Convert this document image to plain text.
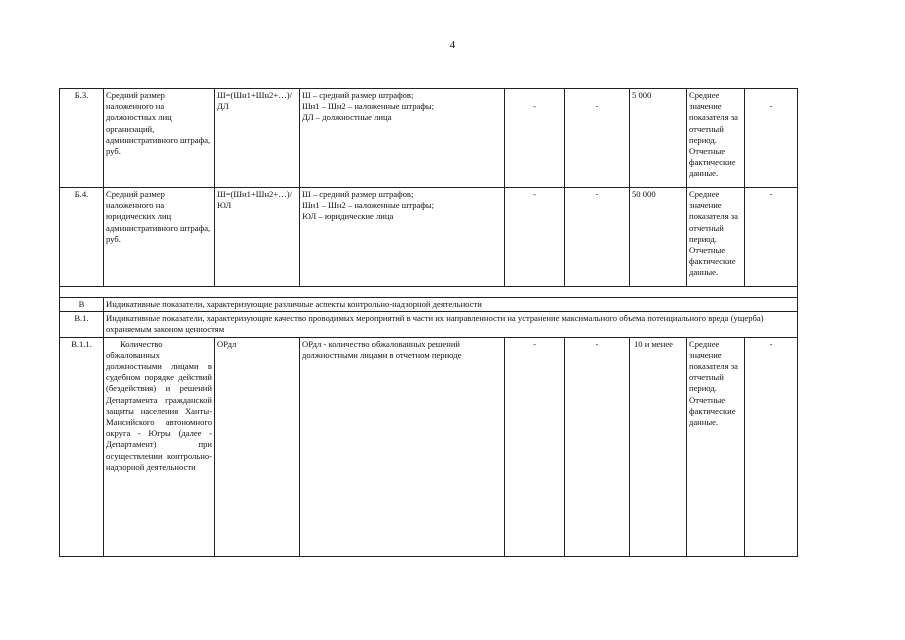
4
Б.3.	Средний размер наложенного на должностных лиц организаций, административного штрафа, руб.	Ш=(Шн1+Шн2+…)/ДЛ	Ш – средний размер штрафов;
Шн1 – Шн2 – наложенные штрафы;
ДЛ – должностные лица	-	-	5 000	Среднее значение показателя за отчетный период. Отчетные фактические данные.	-
Б.4.	Средний размер наложенного на юридических лиц административного штрафа, руб.	Ш=(Шн1+Шн2+…)/ЮЛ	Ш – средний размер штрафов;
Шн1 – Шн2 – наложенные штрафы;
ЮЛ – юридические лица	-	-	50 000	Среднее значение показателя за отчетный период. Отчетные фактические данные.	-

В	Индикативные показатели, характеризующие различные аспекты контрольно-надзорной деятельности							
В.1.	Индикативные показатели, характеризующие качество проводимых мероприятий в части их направленности на устранение максимального объема потенциального вреда (ущерба) охраняемым законом ценностям							
В.1.1.	Количество обжалованных должностными лицами в судебном порядке действий (бездействия) и решений Департамента гражданской защиты населения Ханты-Мансийского автономного округа - Югры (далее - Департамент) при осуществлении контрольно-надзорной деятельности	ОРдл	ОРдл - количество обжалованных решений должностными лицами в отчетном периоде	-	-	10 и менее	Среднее значение показателя за отчетный период. Отчетные фактические данные.	-
